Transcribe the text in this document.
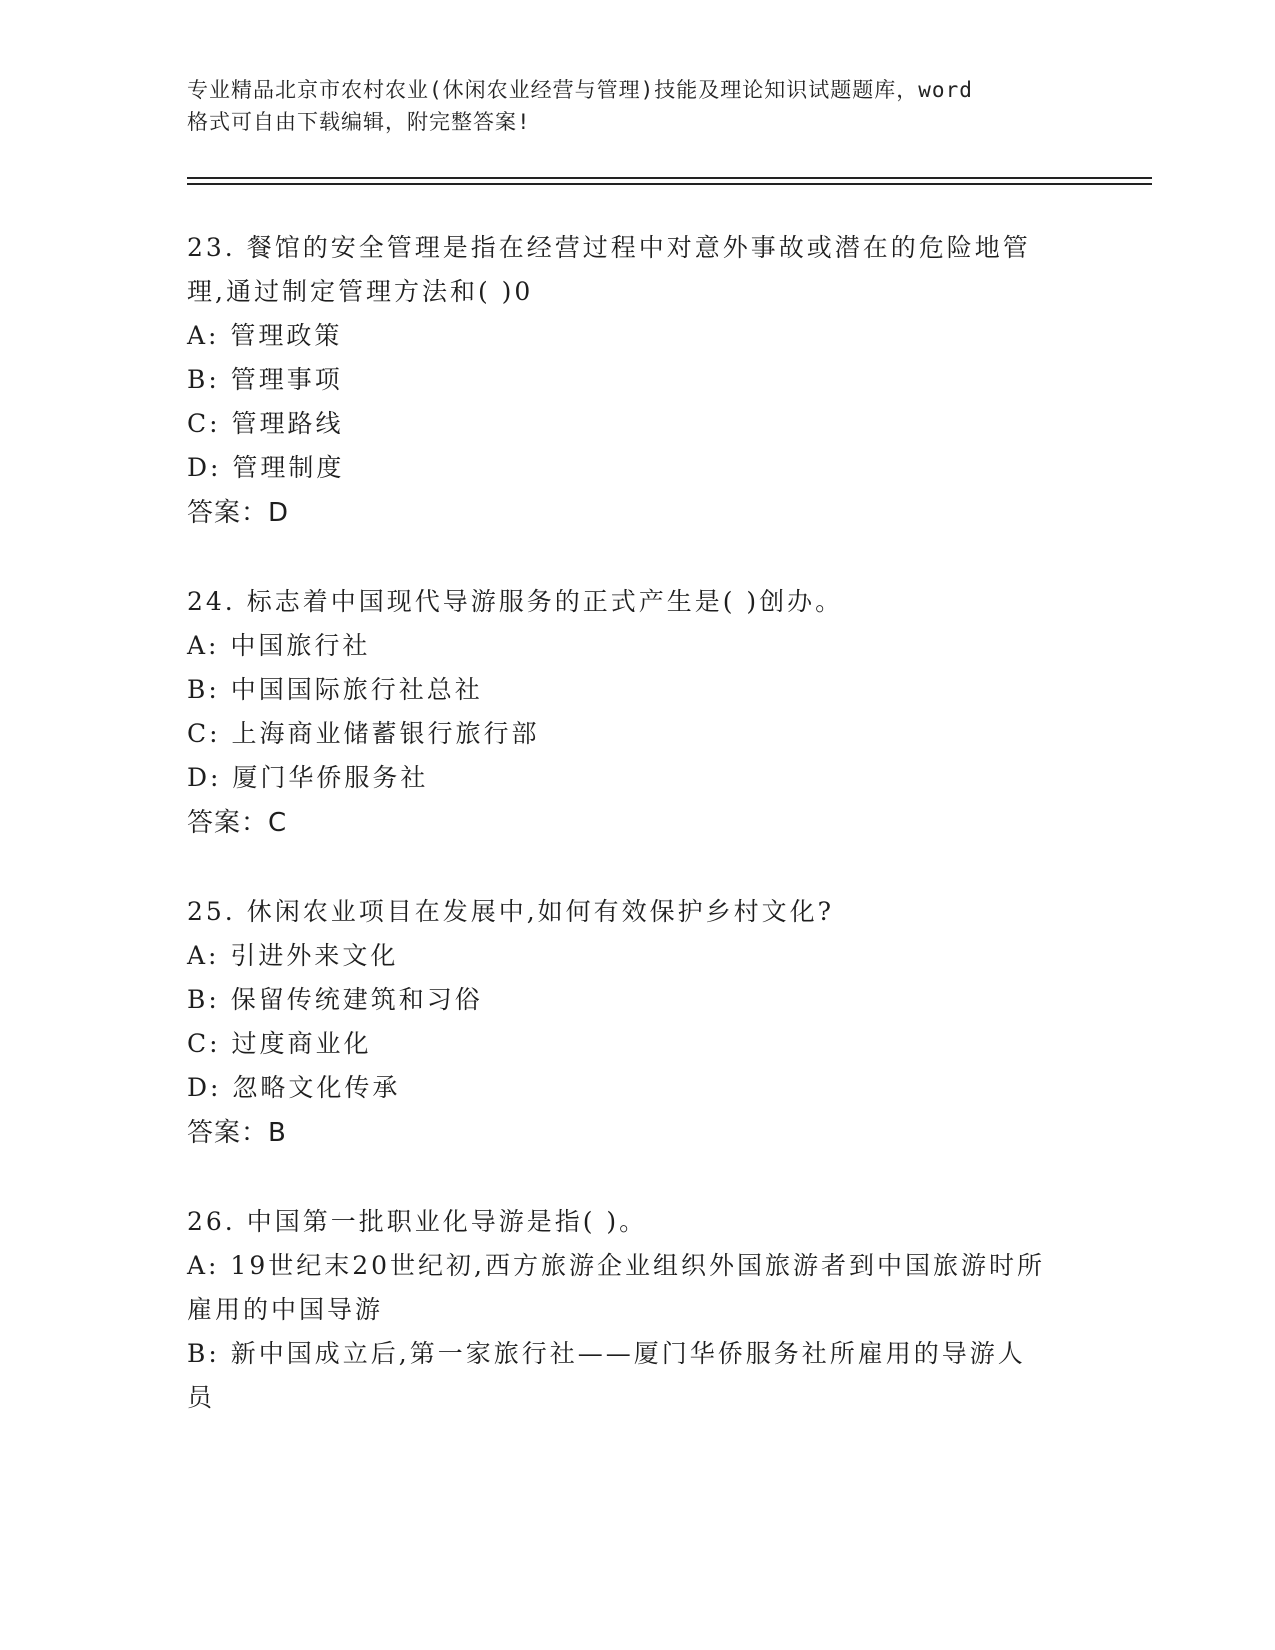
专业精品北京市农村农业(休闲农业经营与管理)技能及理论知识试题题库，word
格式可自由下载编辑，附完整答案!
23. 餐馆的安全管理是指在经营过程中对意外事故或潜在的危险地管
理,通过制定管理方法和( )0
A: 管理政策
B: 管理事项
C: 管理路线
D: 管理制度
答案：D
24. 标志着中国现代导游服务的正式产生是( )创办。
A: 中国旅行社
B: 中国国际旅行社总社
C: 上海商业储蓄银行旅行部
D: 厦门华侨服务社
答案：C
25. 休闲农业项目在发展中,如何有效保护乡村文化?
A: 引进外来文化
B: 保留传统建筑和习俗
C: 过度商业化
D: 忽略文化传承
答案：B
26. 中国第一批职业化导游是指( )。
A: 19世纪末20世纪初,西方旅游企业组织外国旅游者到中国旅游时所
雇用的中国导游
B: 新中国成立后,第一家旅行社——厦门华侨服务社所雇用的导游人
员
